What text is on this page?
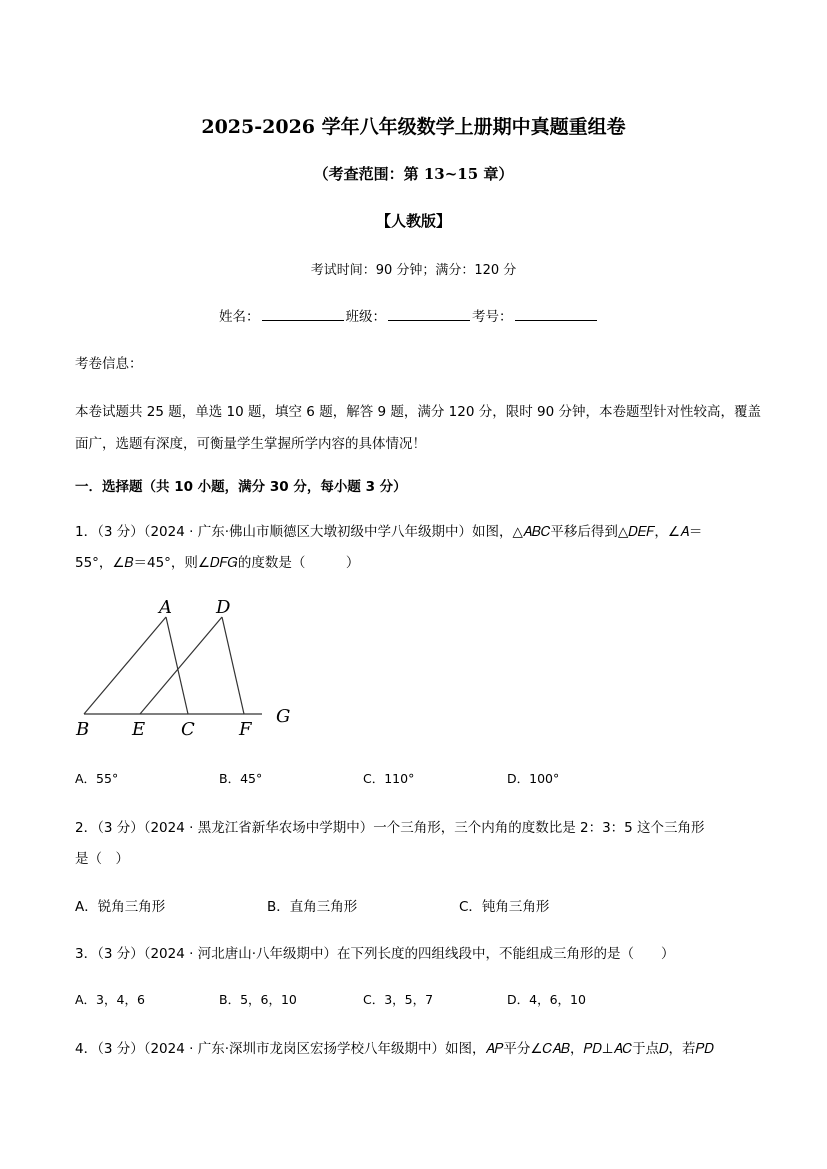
2025-2026 学年八年级数学上册期中真题重组卷
（考查范围：第 13~15 章）
【人教版】
考试时间：90 分钟；满分：120 分
姓名：	班级：	考号：
考卷信息：
本卷试题共 25 题，单选 10 题，填空 6 题，解答 9 题，满分 120 分，限时 90 分钟，本卷题型针对性较高，覆盖
面广，选题有深度，可衡量学生掌握所学内容的具体情况！
一．选择题（共 10 小题，满分 30 分，每小题 3 分）
1．（3 分）（2024 · 广东·佛山市顺德区大墩初级中学八年级期中）如图，△𝐴𝐵𝐶平移后得到△𝐷𝐸𝐹，∠𝐴＝
55°，∠𝐵＝45°，则∠𝐷𝐹𝐺的度数是（　　　）
A D
B E C F
G
A．55°	B．45°	C．110°	D．100°
2．（3 分）（2024 · 黑龙江省新华农场中学期中）一个三角形，三个内角的度数比是 2：3：5 这个三角形
是（　）
A．锐角三角形	B．直角三角形	C．钝角三角形
3．（3 分）（2024 · 河北唐山·八年级期中）在下列长度的四组线段中，不能组成三角形的是（　　）
A．3，4，6	B．5，6，10	C．3，5，7	D．4，6，10
4．（3 分）（2024 · 广东·深圳市龙岗区宏扬学校八年级期中）如图，𝐴𝑃平分∠𝐶𝐴𝐵，𝑃𝐷⊥𝐴𝐶于点𝐷，若𝑃𝐷
